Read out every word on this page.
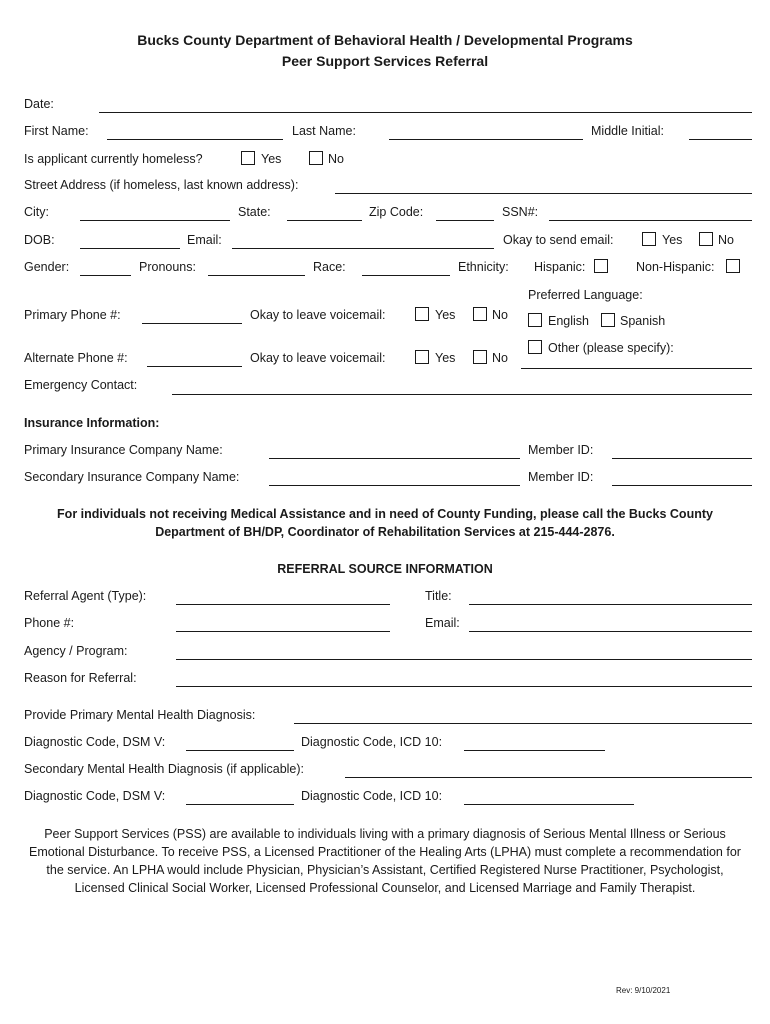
Bucks County Department of Behavioral Health / Developmental Programs
Peer Support Services Referral
Date:
First Name:	Last Name:	Middle Initial:
Is applicant currently homeless?	Yes	No
Street Address (if homeless, last known address):
City:	State:	Zip Code:	SSN#:
DOB:	Email:	Okay to send email:	Yes	No
Gender:	Pronouns:	Race:	Ethnicity: Hispanic:	Non-Hispanic:
Preferred Language:
Primary Phone #:	Okay to leave voicemail:	Yes	No	English Spanish
Other (please specify):
Alternate Phone #:	Okay to leave voicemail:	Yes	No
Emergency Contact:
Insurance Information:
Primary Insurance Company Name:	Member ID:
Secondary Insurance Company Name:	Member ID:
For individuals not receiving Medical Assistance and in need of County Funding, please call the Bucks County
Department of BH/DP, Coordinator of Rehabilitation Services at 215-444-2876.
REFERRAL SOURCE INFORMATION
Referral Agent (Type):	Title:
Phone #:	Email:
Agency / Program:
Reason for Referral:
Provide Primary Mental Health Diagnosis:
Diagnostic Code, DSM V:	Diagnostic Code, ICD 10:
Secondary Mental Health Diagnosis (if applicable):
Diagnostic Code, DSM V:	Diagnostic Code, ICD 10:
Peer Support Services (PSS) are available to individuals living with a primary diagnosis of Serious Mental Illness or Serious Emotional Disturbance. To receive PSS, a Licensed Practitioner of the Healing Arts (LPHA) must complete a recommendation for the service. An LPHA would include Physician, Physician’s Assistant, Certified Registered Nurse Practitioner, Psychologist, Licensed Clinical Social Worker, Licensed Professional Counselor, and Licensed Marriage and Family Therapist.
Rev: 9/10/2021
